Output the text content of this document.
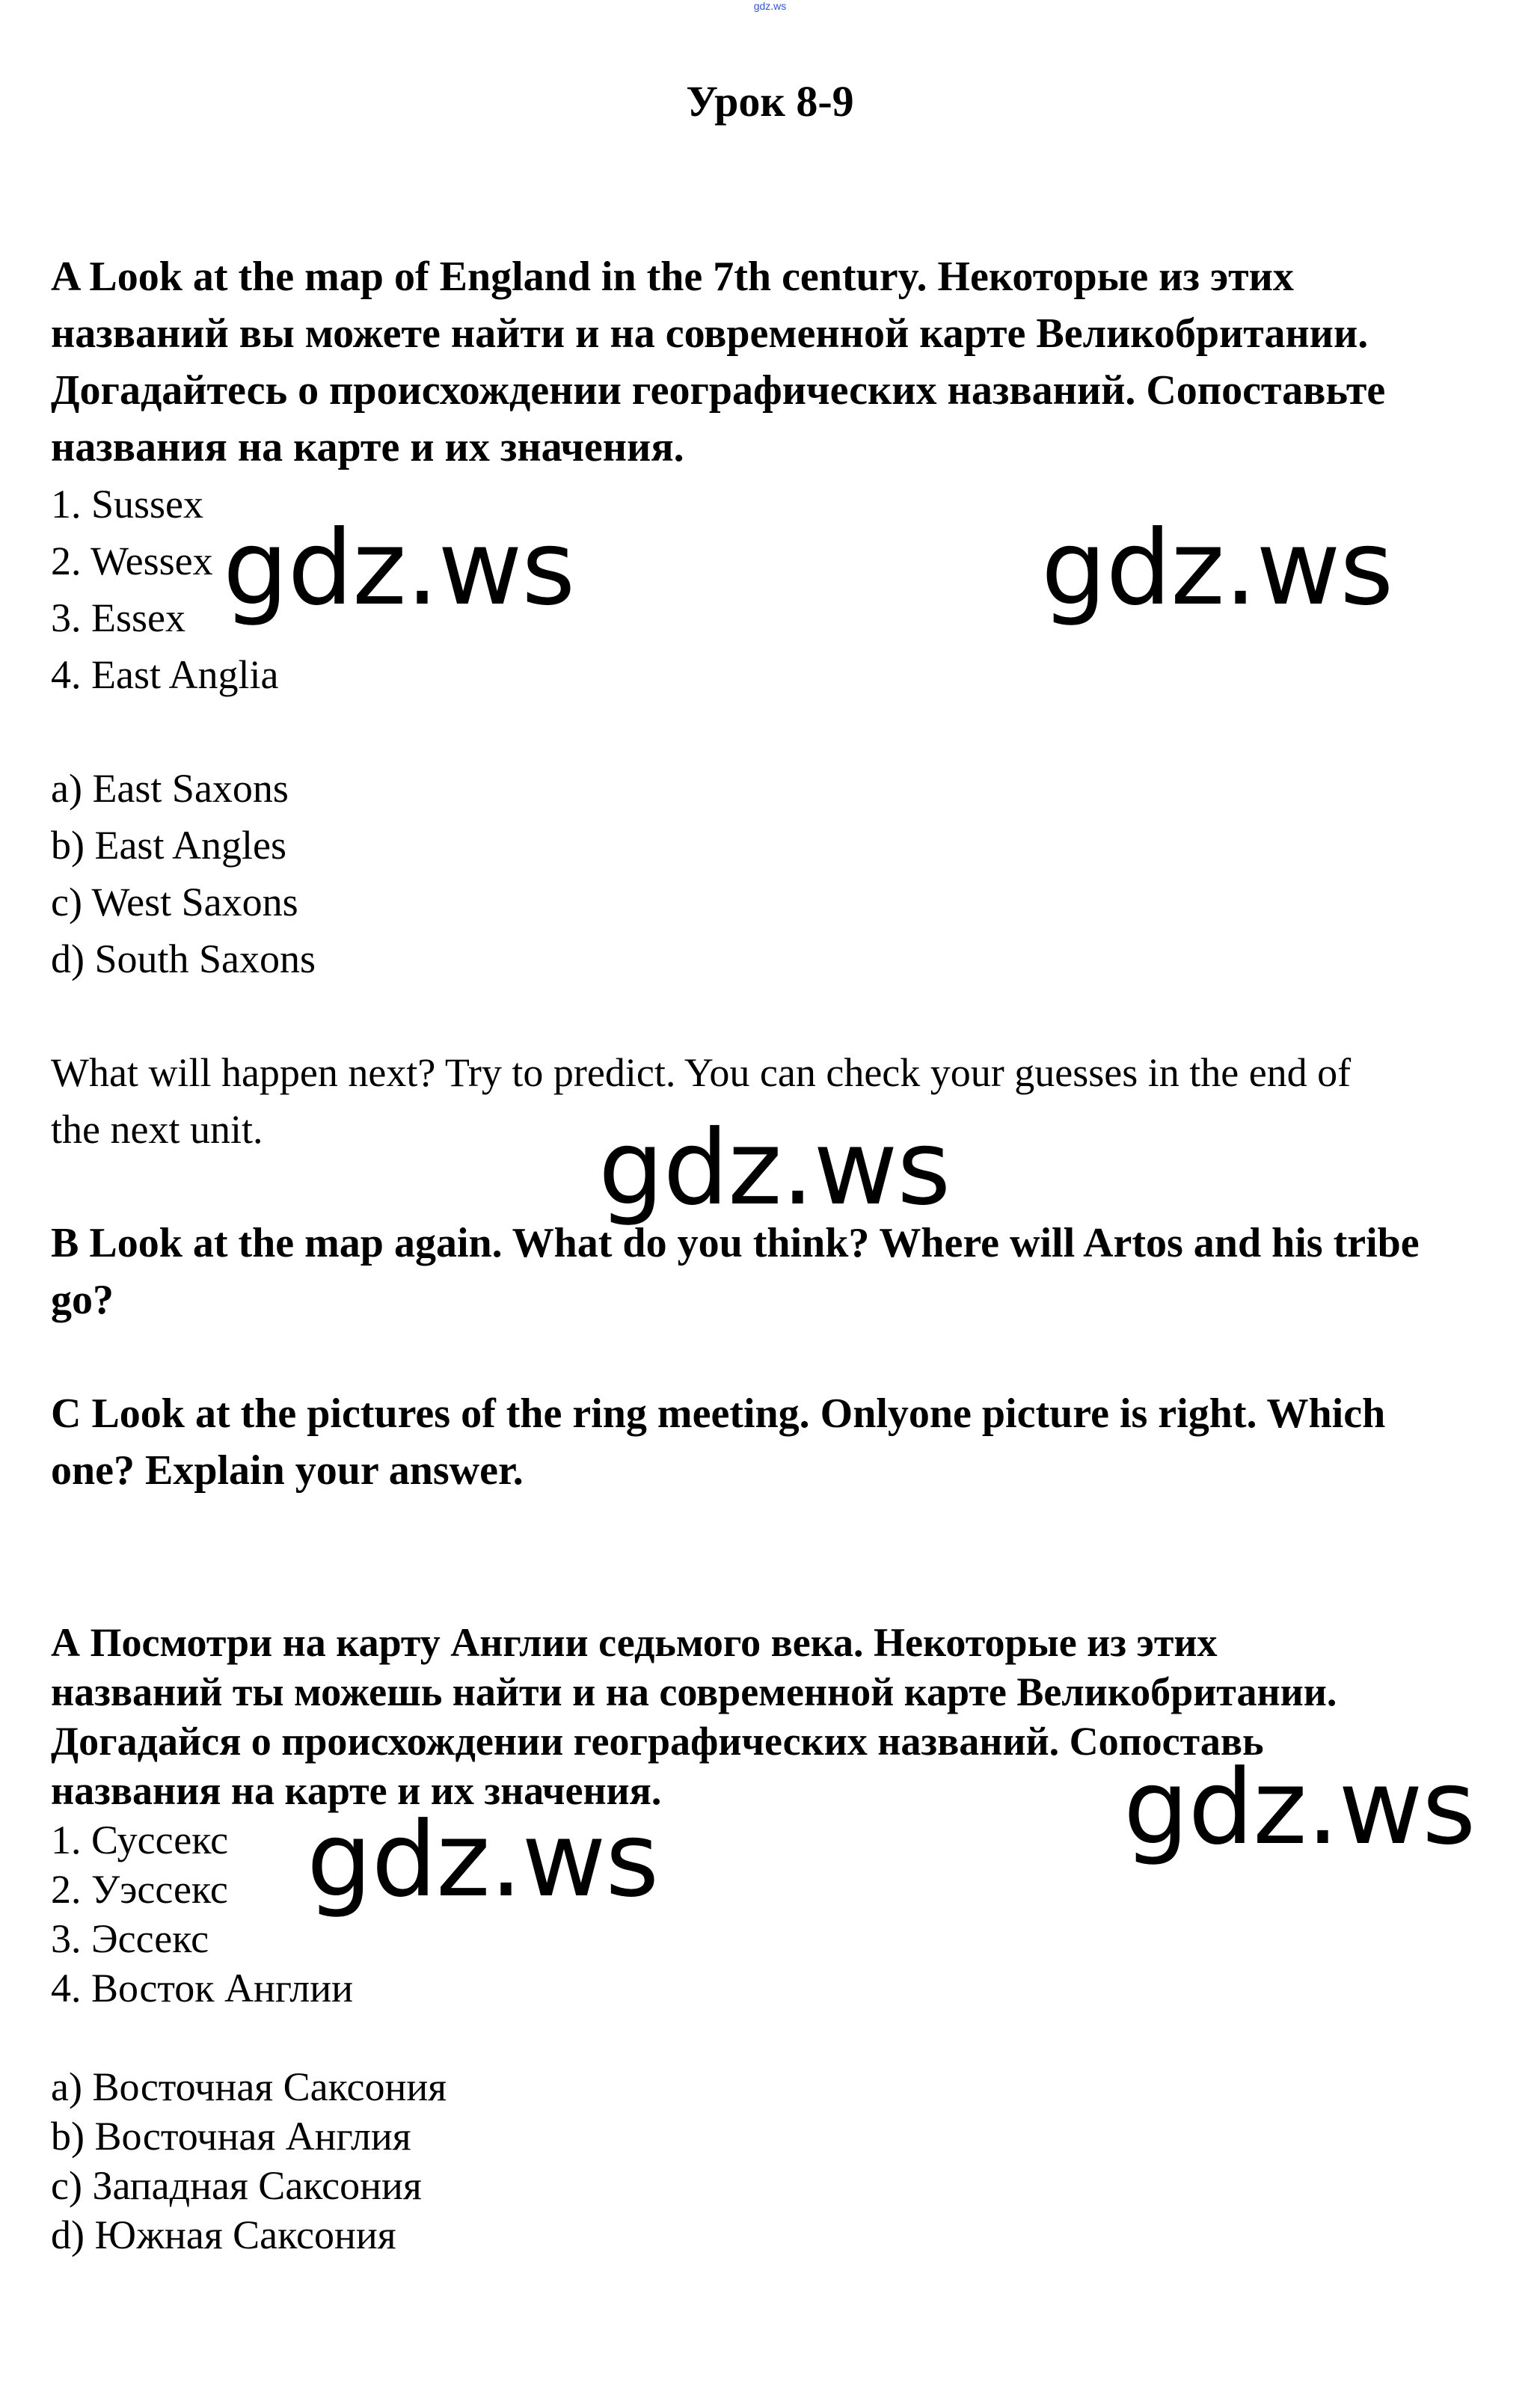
gdz.ws

Урок 8-9

A Look at the map of England in the 7th century. Некоторые из этих

названий вы можете найти и на современной карте Великобритании.

Догадайтесь о происхождении географических названий. Сопоставьте

названия на карте и их значения.

1. Sussex

2. Wessex

3. Essex

4. East Anglia

a) East Saxons

b) East Angles

c) West Saxons

d) South Saxons

What will happen next? Try to predict. You can check your guesses in the end of

the next unit.

B Look at the map again. What do you think? Where will Artos and his tribe

go?

C Look at the pictures of the ring meeting. Onlyone picture is right. Which

one? Explain your answer.

А Посмотри на карту Англии седьмого века. Некоторые из этих

названий ты можешь найти и на современной карте Великобритании.

Догадайся о происхождении географических названий. Сопоставь

названия на карте и их значения.

1. Суссекс

2. Уэссекс

3. Эссекс

4. Восток Англии

a) Восточная Саксония

b) Восточная Англия

c) Западная Саксония

d) Южная Саксония

gdz.ws	gdz.ws
gdz.ws
gdz.ws
gdz.ws
